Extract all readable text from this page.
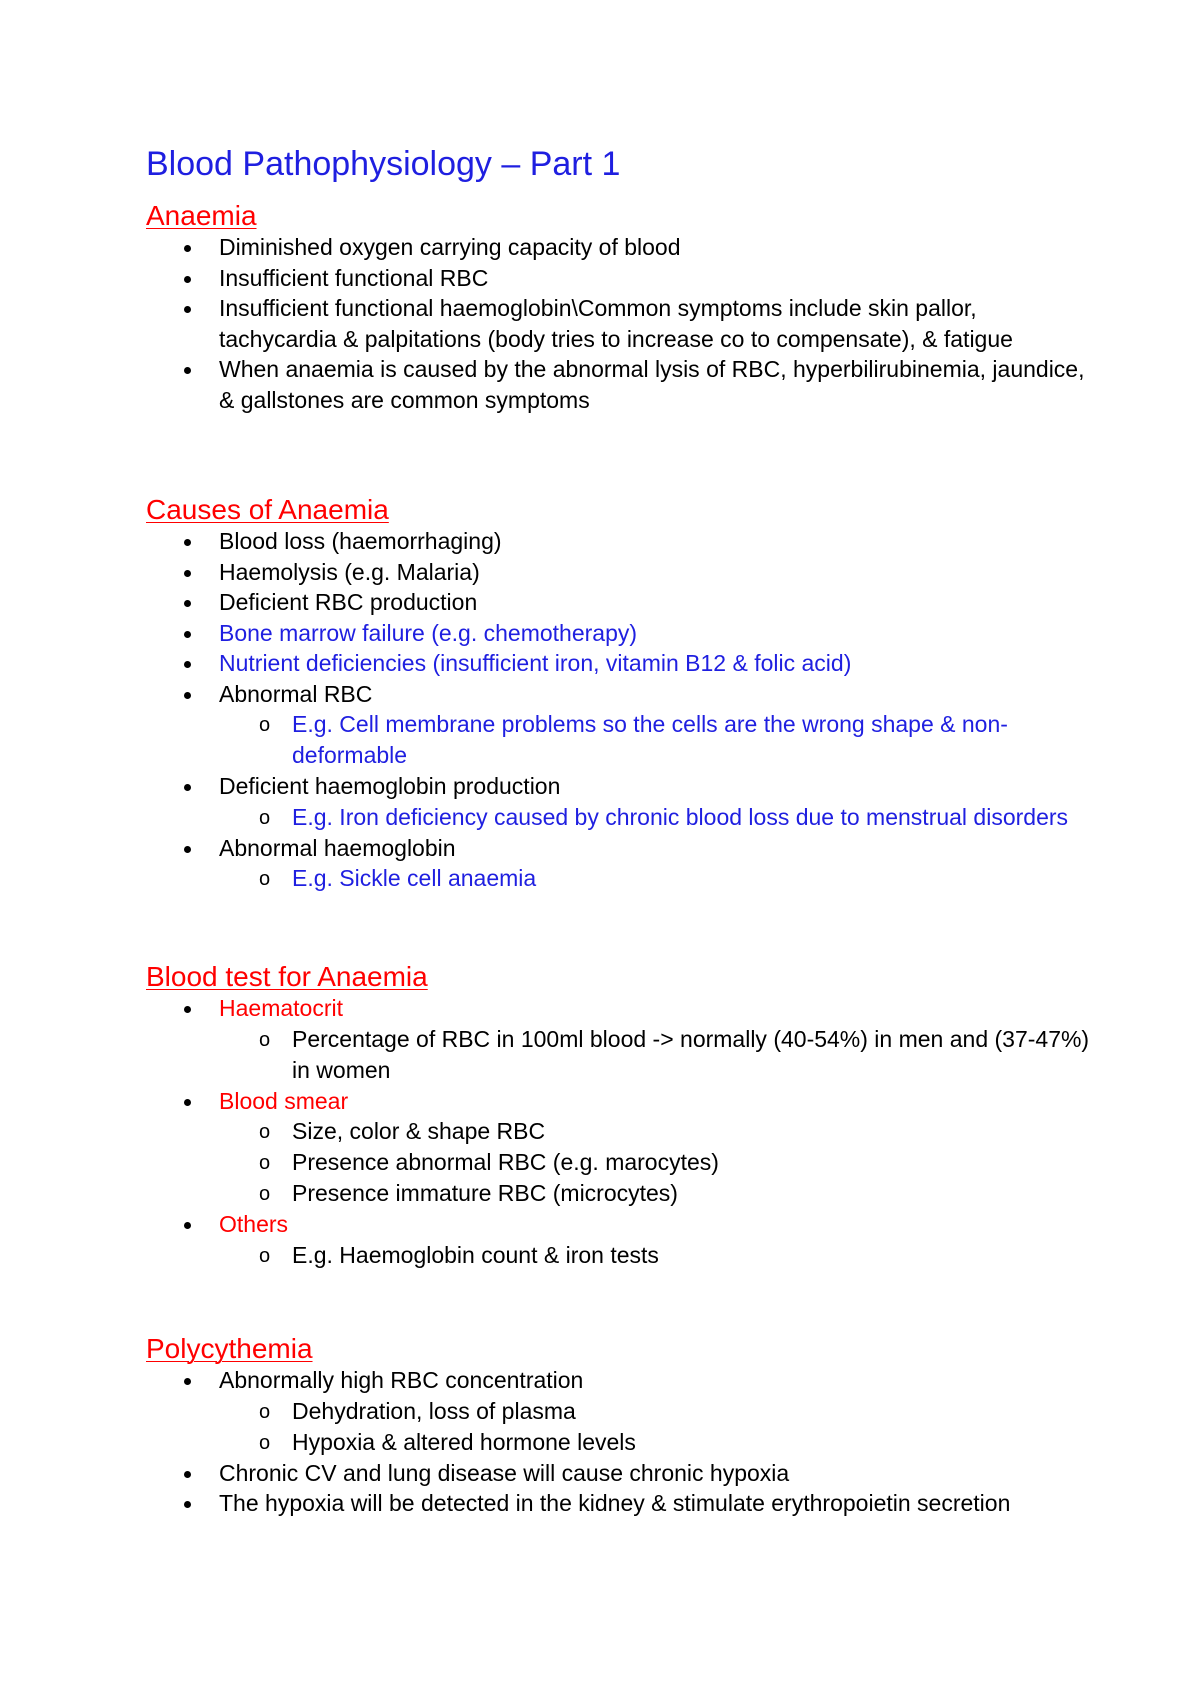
Blood Pathophysiology – Part 1
Anaemia
Diminished oxygen carrying capacity of blood
Insufficient functional RBC
Insufficient functional haemoglobin\Common symptoms include skin pallor, tachycardia & palpitations (body tries to increase co to compensate), & fatigue
When anaemia is caused by the abnormal lysis of RBC, hyperbilirubinemia, jaundice, & gallstones are common symptoms
Causes of Anaemia
Blood loss (haemorrhaging)
Haemolysis (e.g. Malaria)
Deficient RBC production
Bone marrow failure (e.g. chemotherapy)
Nutrient deficiencies (insufficient iron, vitamin B12 & folic acid)
Abnormal RBC
o E.g. Cell membrane problems so the cells are the wrong shape & non-deformable
Deficient haemoglobin production
o E.g. Iron deficiency caused by chronic blood loss due to menstrual disorders
Abnormal haemoglobin
o E.g. Sickle cell anaemia
Blood test for Anaemia
Haematocrit
o Percentage of RBC in 100ml blood -> normally (40-54%) in men and (37-47%) in women
Blood smear
o Size, color & shape RBC
o Presence abnormal RBC (e.g. marocytes)
o Presence immature RBC (microcytes)
Others
o E.g. Haemoglobin count & iron tests
Polycythemia
Abnormally high RBC concentration
o Dehydration, loss of plasma
o Hypoxia & altered hormone levels
Chronic CV and lung disease will cause chronic hypoxia
The hypoxia will be detected in the kidney & stimulate erythropoietin secretion
